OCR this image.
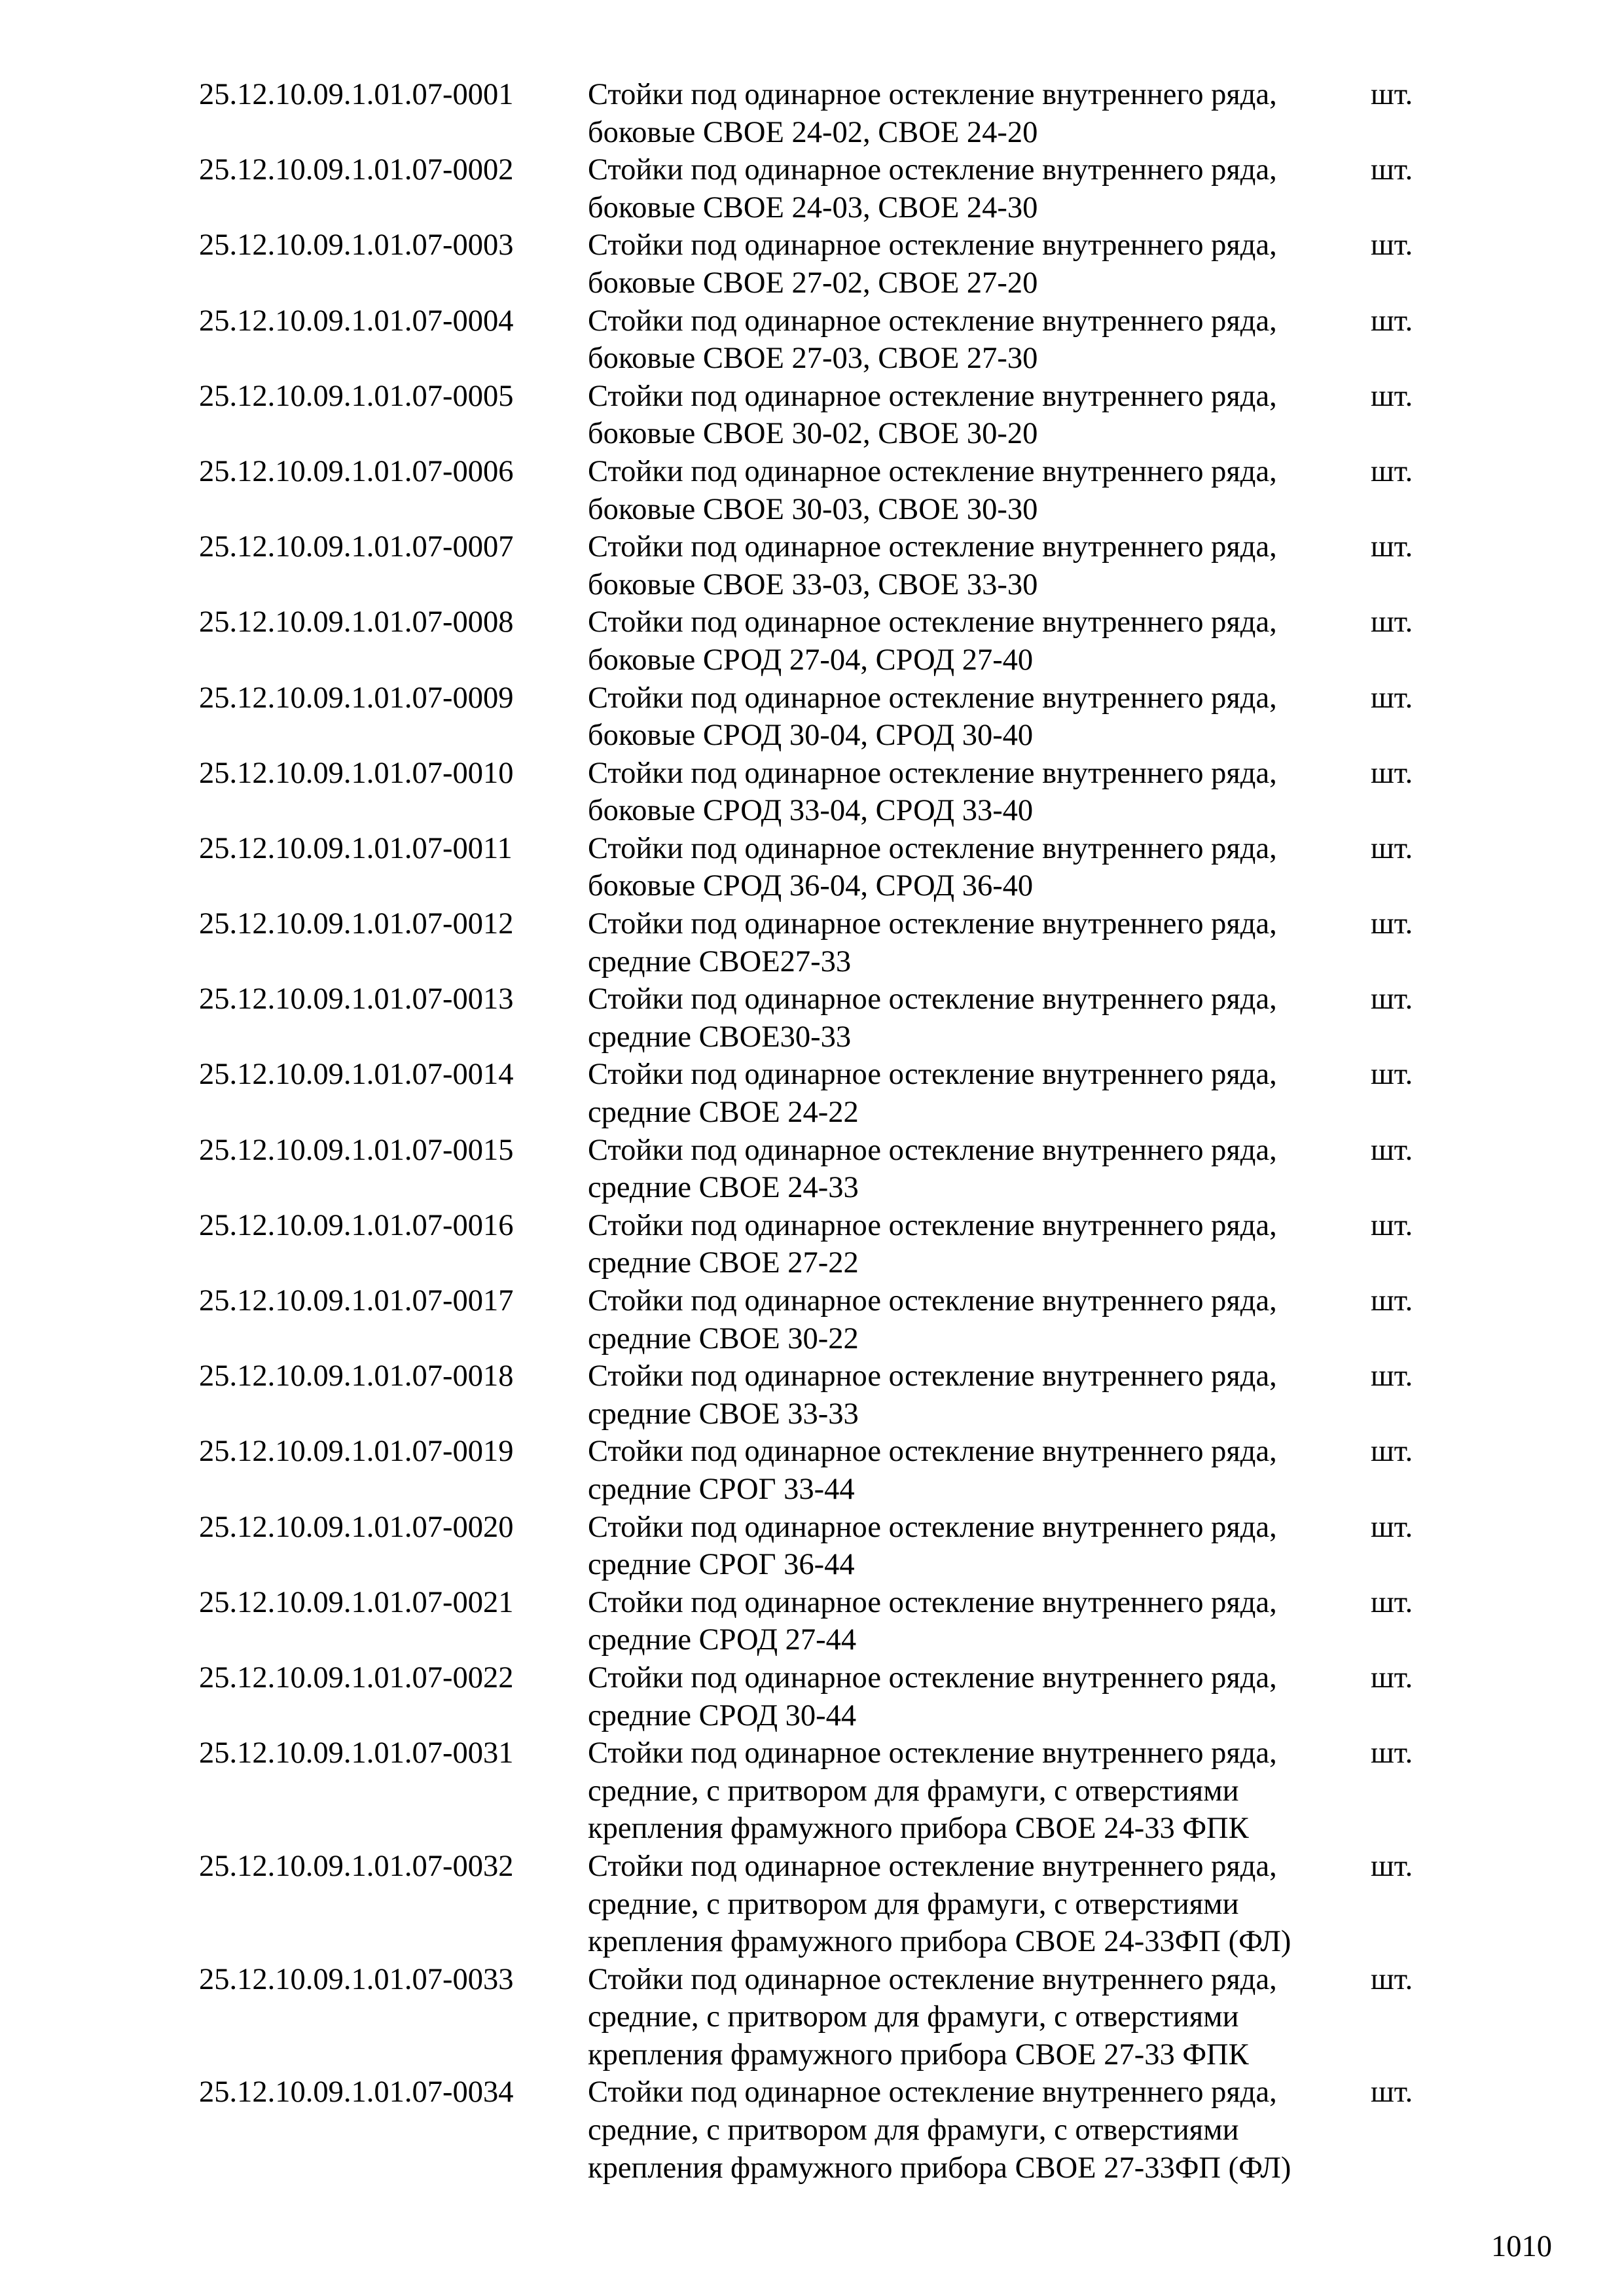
25.12.10.09.1.01.07-0001 Стойки под одинарное остекление внутреннего ряда,
боковые СВОЕ 24-02, СВОЕ 24-20
шт.
25.12.10.09.1.01.07-0002 Стойки под одинарное остекление внутреннего ряда,
боковые СВОЕ 24-03, СВОЕ 24-30
шт.
25.12.10.09.1.01.07-0003 Стойки под одинарное остекление внутреннего ряда,
боковые СВОЕ 27-02, СВОЕ 27-20
шт.
25.12.10.09.1.01.07-0004 Стойки под одинарное остекление внутреннего ряда,
боковые СВОЕ 27-03, СВОЕ 27-30
шт.
25.12.10.09.1.01.07-0005 Стойки под одинарное остекление внутреннего ряда,
боковые СВОЕ 30-02, СВОЕ 30-20
шт.
25.12.10.09.1.01.07-0006 Стойки под одинарное остекление внутреннего ряда,
боковые СВОЕ 30-03, СВОЕ 30-30
шт.
25.12.10.09.1.01.07-0007 Стойки под одинарное остекление внутреннего ряда,
боковые СВОЕ 33-03, СВОЕ 33-30
шт.
25.12.10.09.1.01.07-0008 Стойки под одинарное остекление внутреннего ряда,
боковые СРОД 27-04, СРОД 27-40
шт.
25.12.10.09.1.01.07-0009 Стойки под одинарное остекление внутреннего ряда,
боковые СРОД 30-04, СРОД 30-40
шт.
25.12.10.09.1.01.07-0010 Стойки под одинарное остекление внутреннего ряда,
боковые СРОД 33-04, СРОД 33-40
шт.
25.12.10.09.1.01.07-0011 Стойки под одинарное остекление внутреннего ряда,
боковые СРОД 36-04, СРОД 36-40
шт.
25.12.10.09.1.01.07-0012 Стойки под одинарное остекление внутреннего ряда,
средние СВОЕ27-33
шт.
25.12.10.09.1.01.07-0013 Стойки под одинарное остекление внутреннего ряда,
средние СВОЕ30-33
шт.
25.12.10.09.1.01.07-0014 Стойки под одинарное остекление внутреннего ряда,
средние СВОЕ 24-22
шт.
25.12.10.09.1.01.07-0015 Стойки под одинарное остекление внутреннего ряда,
средние СВОЕ 24-33
шт.
25.12.10.09.1.01.07-0016 Стойки под одинарное остекление внутреннего ряда,
средние СВОЕ 27-22
шт.
25.12.10.09.1.01.07-0017 Стойки под одинарное остекление внутреннего ряда,
средние СВОЕ 30-22
шт.
25.12.10.09.1.01.07-0018 Стойки под одинарное остекление внутреннего ряда,
средние СВОЕ 33-33
шт.
25.12.10.09.1.01.07-0019 Стойки под одинарное остекление внутреннего ряда,
средние СРОГ 33-44
шт.
25.12.10.09.1.01.07-0020 Стойки под одинарное остекление внутреннего ряда,
средние СРОГ 36-44
шт.
25.12.10.09.1.01.07-0021 Стойки под одинарное остекление внутреннего ряда,
средние СРОД 27-44
шт.
25.12.10.09.1.01.07-0022 Стойки под одинарное остекление внутреннего ряда,
средние СРОД 30-44
шт.
25.12.10.09.1.01.07-0031 Стойки под одинарное остекление внутреннего ряда,
средние, с притвором для фрамуги, с отверстиями
крепления фрамужного прибора СВОЕ 24-33 ФПК
шт.
25.12.10.09.1.01.07-0032 Стойки под одинарное остекление внутреннего ряда,
средние, с притвором для фрамуги, с отверстиями
крепления фрамужного прибора СВОЕ 24-33ФП (ФЛ)
шт.
25.12.10.09.1.01.07-0033 Стойки под одинарное остекление внутреннего ряда,
средние, с притвором для фрамуги, с отверстиями
крепления фрамужного прибора СВОЕ 27-33 ФПК
шт.
25.12.10.09.1.01.07-0034 Стойки под одинарное остекление внутреннего ряда,
средние, с притвором для фрамуги, с отверстиями
крепления фрамужного прибора СВОЕ 27-33ФП (ФЛ)
шт.
1010
